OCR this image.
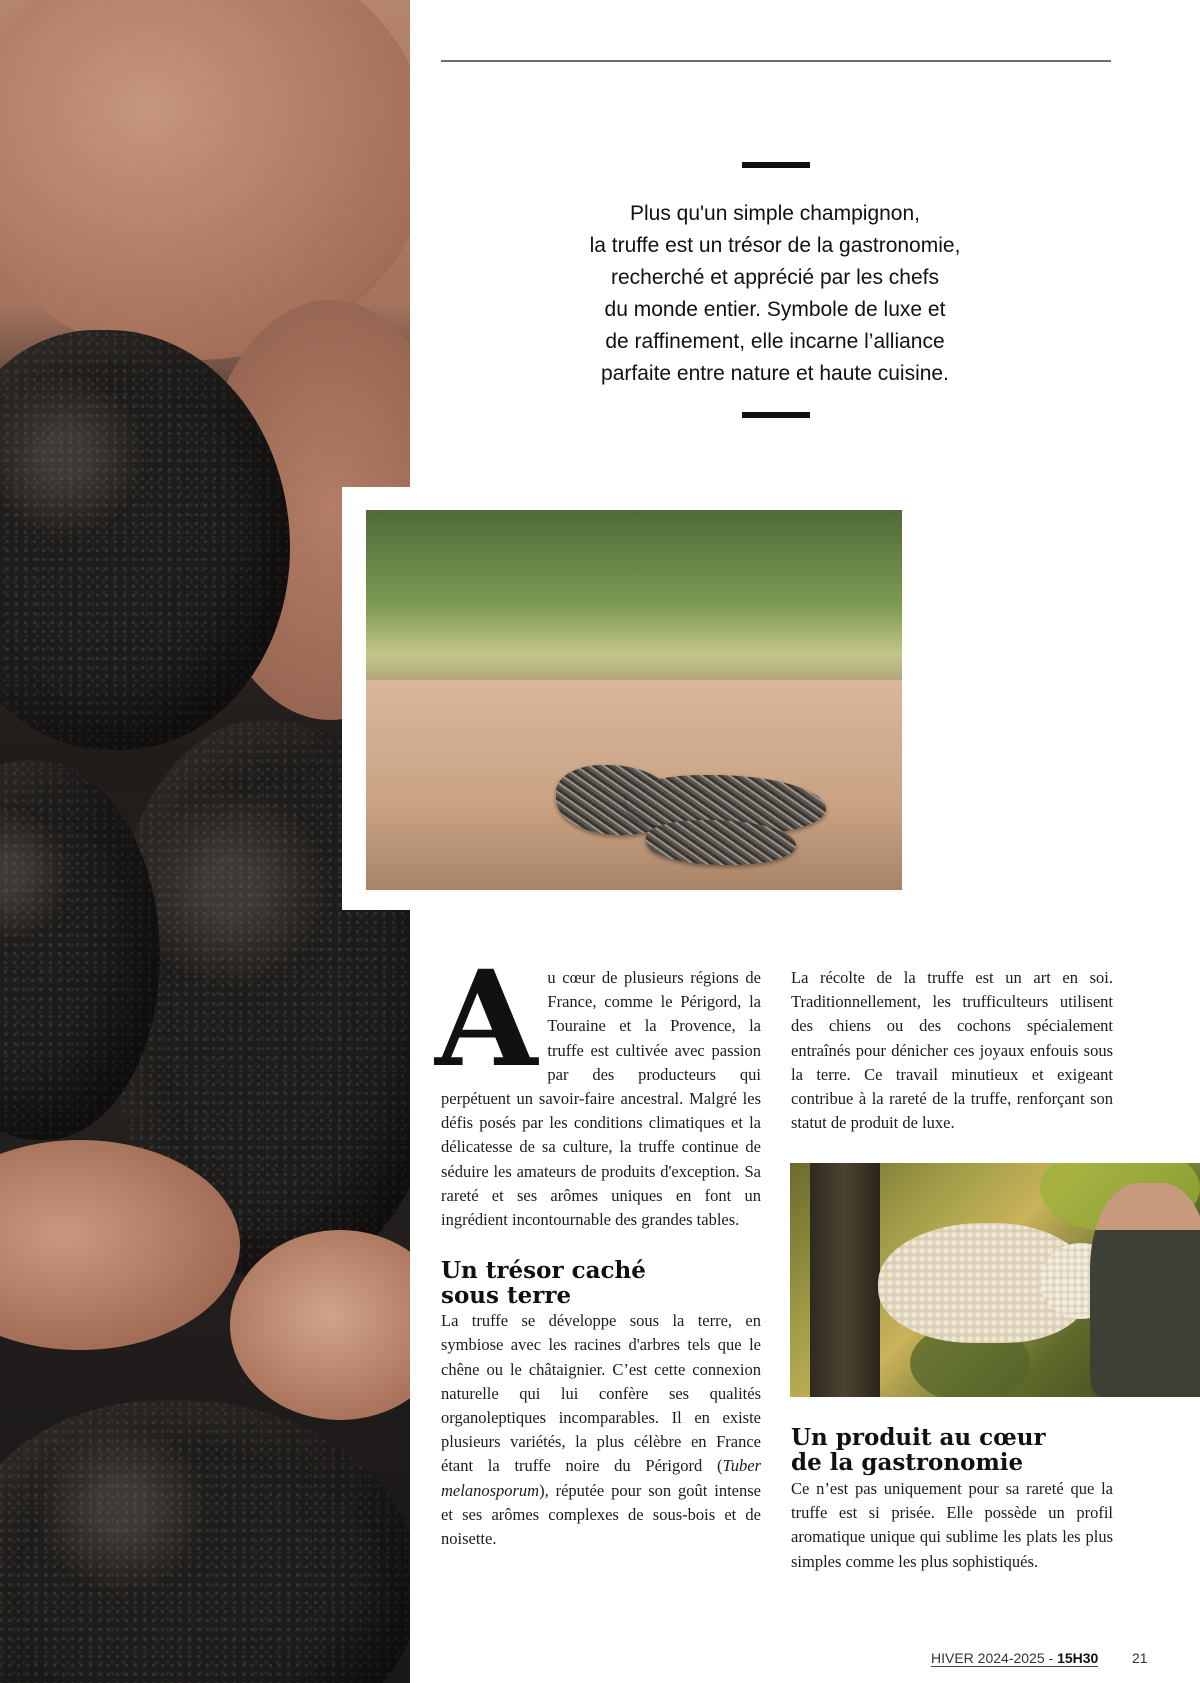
Plus qu'un simple champignon,
la truffe est un trésor de la gastronomie,
recherché et apprécié par les chefs
du monde entier. Symbole de luxe et
de raffinement, elle incarne l’alliance
parfaite entre nature et haute cuisine.

Au cœur de plusieurs régions de France, comme le Périgord, la Touraine et la Provence, la truffe est cultivée avec passion par des producteurs qui perpétuent un savoir-faire ancestral. Malgré les défis posés par les conditions climatiques et la délicatesse de sa culture, la truffe continue de séduire les amateurs de produits d'exception. Sa rareté et ses arômes uniques en font un ingrédient incontournable des grandes tables.

Un trésor caché
sous terre

La truffe se développe sous la terre, en symbiose avec les racines d'arbres tels que le chêne ou le châtaignier. C’est cette connexion naturelle qui lui confère ses qualités organoleptiques incomparables. Il en existe plusieurs variétés, la plus célèbre en France étant la truffe noire du Périgord (Tuber melanosporum), réputée pour son goût intense et ses arômes complexes de sous-bois et de noisette.

La récolte de la truffe est un art en soi. Traditionnellement, les trufficulteurs utilisent des chiens ou des cochons spécialement entraînés pour dénicher ces joyaux enfouis sous la terre. Ce travail minutieux et exigeant contribue à la rareté de la truffe, renforçant son statut de produit de luxe.

Un produit au cœur
de la gastronomie

Ce n’est pas uniquement pour sa rareté que la truffe est si prisée. Elle possède un profil aromatique unique qui sublime les plats les plus simples comme les plus sophistiqués.

HIVER 2024-2025 - 15H30 21
